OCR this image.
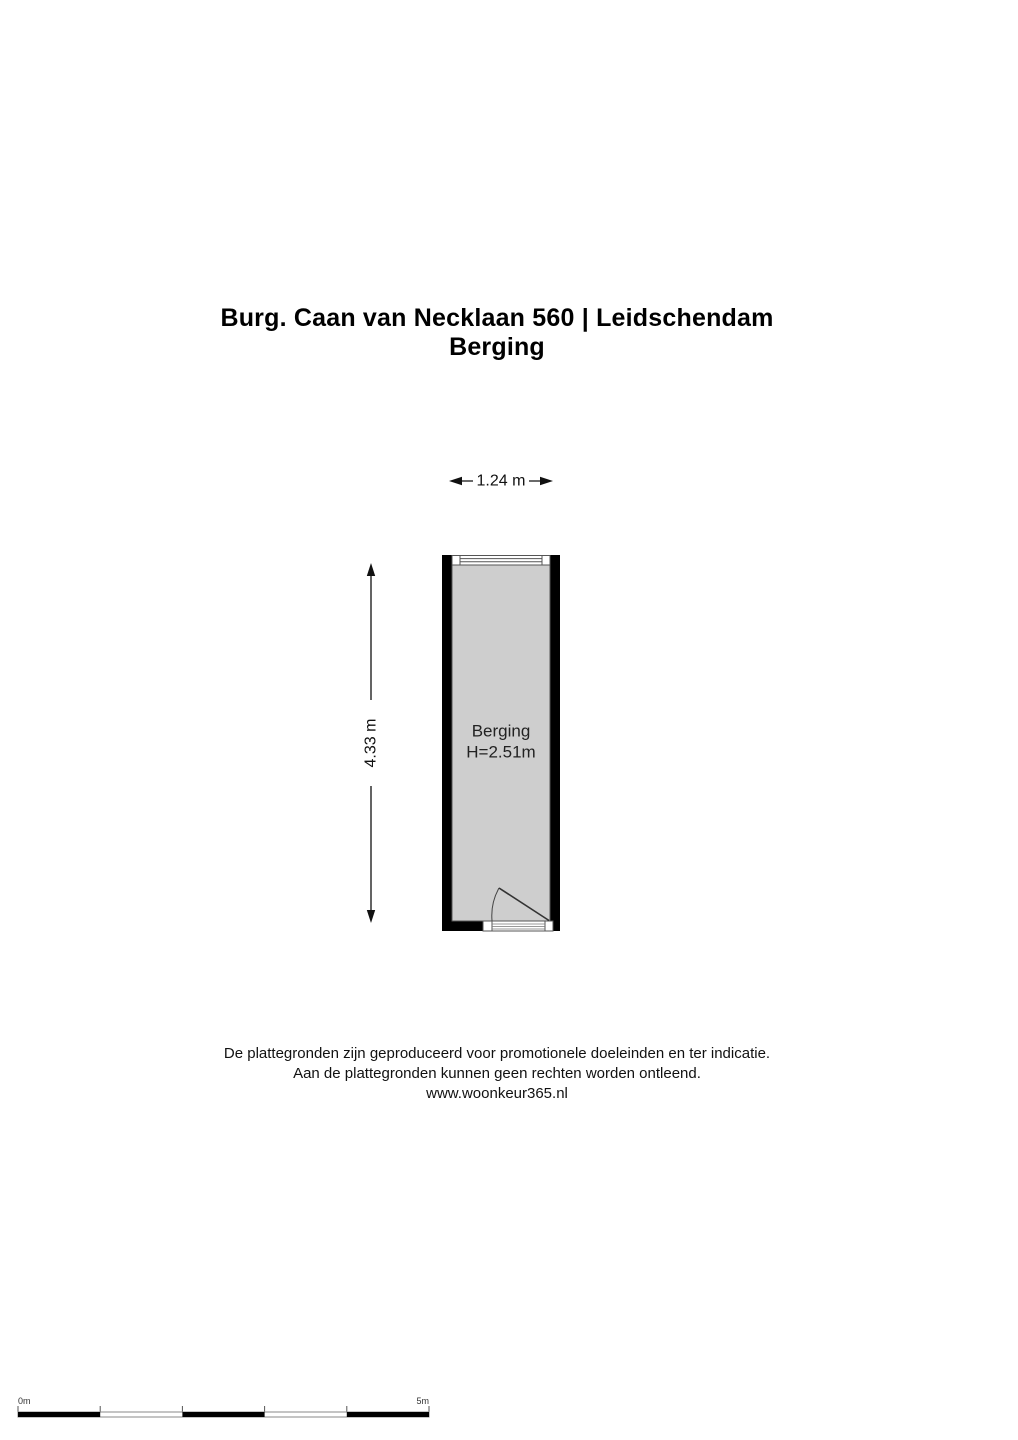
Burg. Caan van Necklaan 560 | Leidschendam
Berging
1.24 m
4.33 m	Berging
H=2.51m
0m	5m
De plattegronden zijn geproduceerd voor promotionele doeleinden en ter indicatie.
Aan de plattegronden kunnen geen rechten worden ontleend.
www.woonkeur365.nl
